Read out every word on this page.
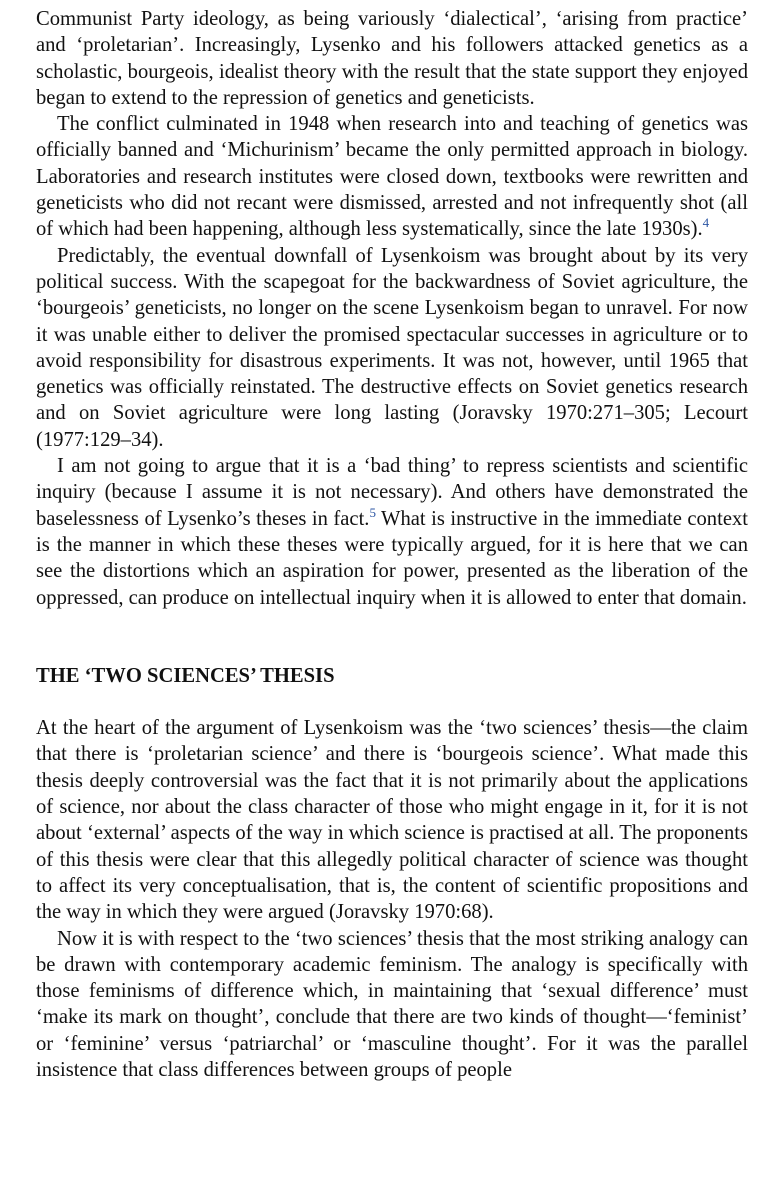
Communist Party ideology, as being variously ‘dialectical’, ‘arising from practice’ and ‘proletarian’. Increasingly, Lysenko and his followers attacked genetics as a scholastic, bourgeois, idealist theory with the result that the state support they enjoyed began to extend to the repression of genetics and geneticists.

The conflict culminated in 1948 when research into and teaching of genetics was officially banned and ‘Michurinism’ became the only permitted approach in biology. Laboratories and research institutes were closed down, textbooks were rewritten and geneticists who did not recant were dismissed, arrested and not infrequently shot (all of which had been happening, although less systematically, since the late 1930s).$^4$

Predictably, the eventual downfall of Lysenkoism was brought about by its very political success. With the scapegoat for the backwardness of Soviet agriculture, the ‘bourgeois’ geneticists, no longer on the scene Lysenkoism began to unravel. For now it was unable either to deliver the promised spectacular successes in agriculture or to avoid responsibility for disastrous experiments. It was not, however, until 1965 that genetics was officially reinstated. The destructive effects on Soviet genetics research and on Soviet agriculture were long lasting (Joravsky 1970:271–305; Lecourt (1977:129–34).

I am not going to argue that it is a ‘bad thing’ to repress scientists and scientific inquiry (because I assume it is not necessary). And others have demonstrated the baselessness of Lysenko’s theses in fact.$^5$ What is instructive in the immediate context is the manner in which these theses were typically argued, for it is here that we can see the distortions which an aspiration for power, presented as the liberation of the oppressed, can produce on intellectual inquiry when it is allowed to enter that domain.

THE ‘TWO SCIENCES’ THESIS

At the heart of the argument of Lysenkoism was the ‘two sciences’ thesis—the claim that there is ‘proletarian science’ and there is ‘bourgeois science’. What made this thesis deeply controversial was the fact that it is not primarily about the applications of science, nor about the class character of those who might engage in it, for it is not about ‘external’ aspects of the way in which science is practised at all. The proponents of this thesis were clear that this allegedly political character of science was thought to affect its very conceptualisation, that is, the content of scientific propositions and the way in which they were argued (Joravsky 1970:68).

Now it is with respect to the ‘two sciences’ thesis that the most striking analogy can be drawn with contemporary academic feminism. The analogy is specifically with those feminisms of difference which, in maintaining that ‘sexual difference’ must ‘make its mark on thought’, conclude that there are two kinds of thought—‘feminist’ or ‘feminine’ versus ‘patriarchal’ or ‘masculine thought’. For it was the parallel insistence that class differences between groups of people
